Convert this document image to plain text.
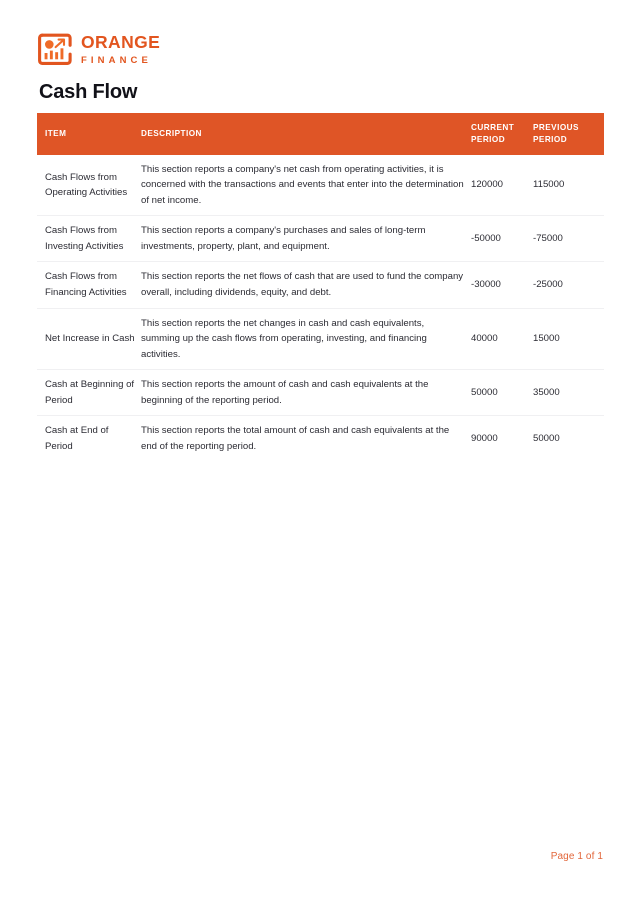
ORANGE
FINANCE
Cash Flow
ITEM	DESCRIPTION	CURRENT PERIOD	PREVIOUS PERIOD
Cash Flows from Operating Activities	This section reports a company's net cash from operating activities, it is concerned with the transactions and events that enter into the determination of net income.	120000	115000
Cash Flows from Investing Activities	This section reports a company's purchases and sales of long-term investments, property, plant, and equipment.	-50000	-75000
Cash Flows from Financing Activities	This section reports the net flows of cash that are used to fund the company overall, including dividends, equity, and debt.	-30000	-25000
Net Increase in Cash	This section reports the net changes in cash and cash equivalents, summing up the cash flows from operating, investing, and financing activities.	40000	15000
Cash at Beginning of Period	This section reports the amount of cash and cash equivalents at the beginning of the reporting period.	50000	35000
Cash at End of Period	This section reports the total amount of cash and cash equivalents at the end of the reporting period.	90000	50000
Page 1 of 1
